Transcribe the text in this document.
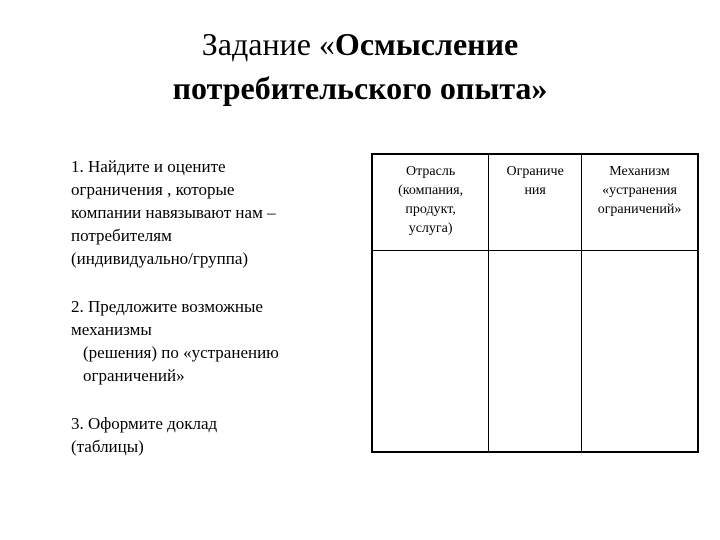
Задание «Осмысление
потребительского опыта»

1. Найдите и оцените
ограничения , которые
компании навязывают нам –
потребителям
(индивидуально/группа)

2. Предложите возможные
механизмы

(решения) по «устранению
ограничений»

3. Оформите доклад
(таблицы)

Отрасль
(компания,
продукт,
услуга)	Ограниче
ния	Механизм
«устранения
ограничений»
